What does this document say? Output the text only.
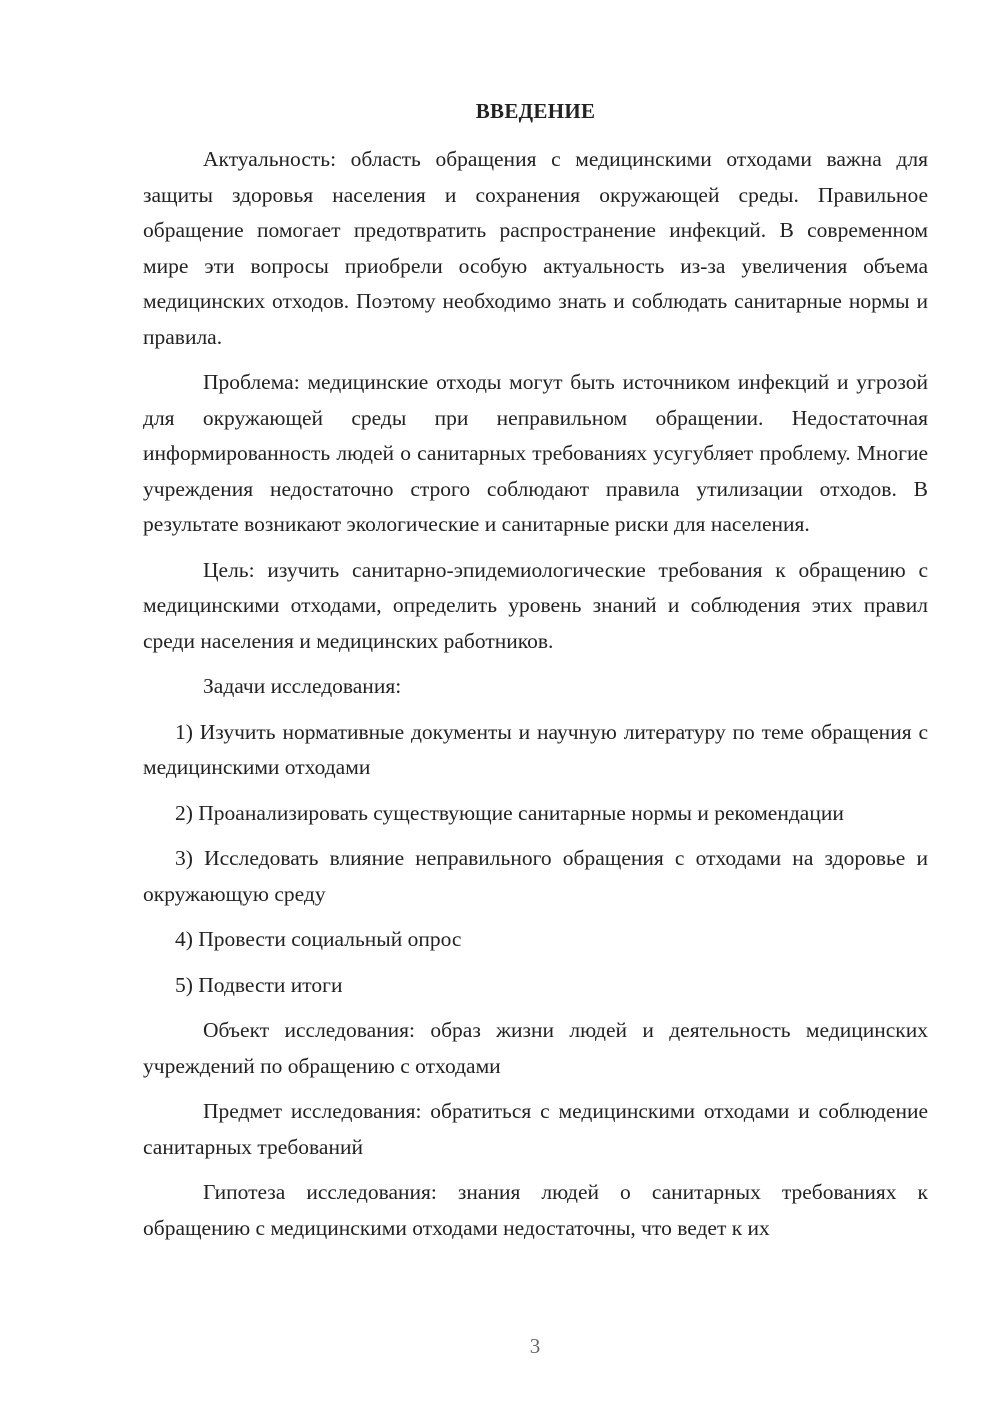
ВВЕДЕНИЕ

Актуальность: область обращения с медицинскими отходами важна для защиты здоровья населения и сохранения окружающей среды. Правильное обращение помогает предотвратить распространение инфекций. В современном мире эти вопросы приобрели особую актуальность из-за увеличения объема медицинских отходов. Поэтому необходимо знать и соблюдать санитарные нормы и правила.

Проблема: медицинские отходы могут быть источником инфекций и угрозой для окружающей среды при неправильном обращении. Недостаточная информированность людей о санитарных требованиях усугубляет проблему. Многие учреждения недостаточно строго соблюдают правила утилизации отходов. В результате возникают экологические и санитарные риски для населения.

Цель: изучить санитарно-эпидемиологические требования к обращению с медицинскими отходами, определить уровень знаний и соблюдения этих правил среди населения и медицинских работников.

Задачи исследования:

1) Изучить нормативные документы и научную литературу по теме обращения с медицинскими отходами

2) Проанализировать существующие санитарные нормы и рекомендации

3) Исследовать влияние неправильного обращения с отходами на здоровье и окружающую среду

4) Провести социальный опрос

5) Подвести итоги

Объект исследования: образ жизни людей и деятельность медицинских учреждений по обращению с отходами

Предмет исследования: обратиться с медицинскими отходами и соблюдение санитарных требований

Гипотеза исследования: знания людей о санитарных требованиях к обращению с медицинскими отходами недостаточны, что ведет к их

3
